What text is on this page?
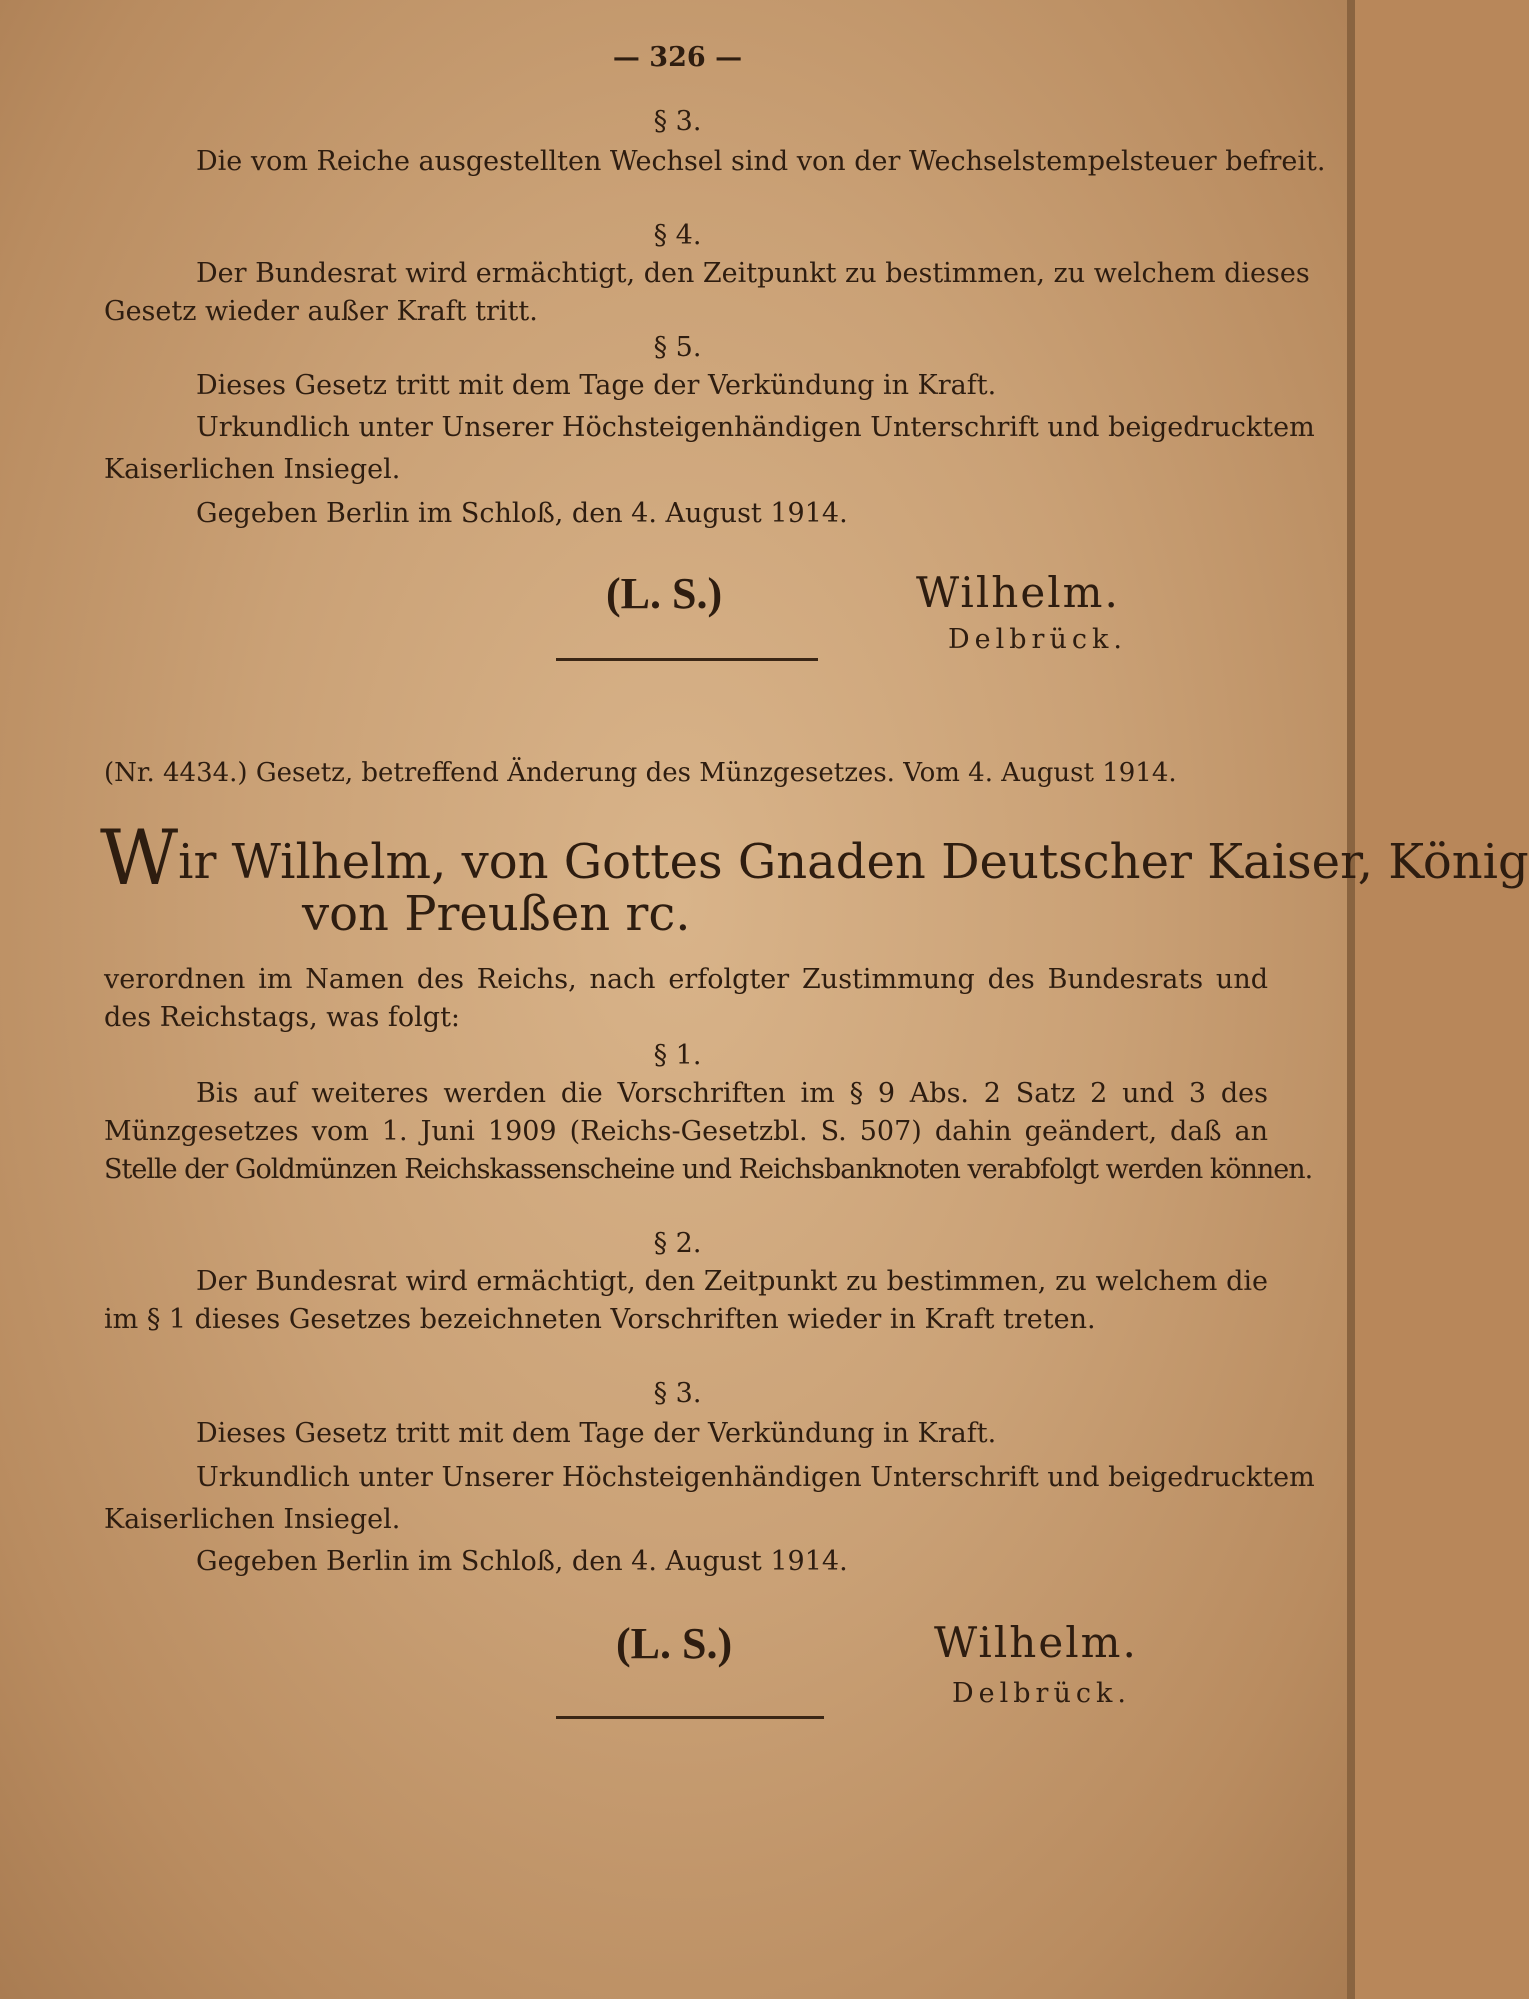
— 326 —
§ 3.
Die vom Reiche ausgestellten Wechsel sind von der Wechselstempelsteuer befreit.
§ 4.
Der Bundesrat wird ermächtigt, den Zeitpunkt zu bestimmen, zu welchem dieses
Gesetz wieder außer Kraft tritt.
§ 5.
Dieses Gesetz tritt mit dem Tage der Verkündung in Kraft.
Urkundlich unter Unserer Höchsteigenhändigen Unterschrift und beigedrucktem
Kaiserlichen Insiegel.
Gegeben Berlin im Schloß, den 4. August 1914.
(L. S.)	Wilhelm.
Delbrück.
(Nr. 4434.) Gesetz, betreffend Änderung des Münzgesetzes. Vom 4. August 1914.
Wir Wilhelm, von Gottes Gnaden Deutscher Kaiser, König
von Preußen rc.
verordnen im Namen des Reichs, nach erfolgter Zustimmung des Bundesrats und
des Reichstags, was folgt:
§ 1.
Bis auf weiteres werden die Vorschriften im § 9 Abs. 2 Satz 2 und 3 des
Münzgesetzes vom 1. Juni 1909 (Reichs-Gesetzbl. S. 507) dahin geändert, daß an
Stelle der Goldmünzen Reichskassenscheine und Reichsbanknoten verabfolgt werden können.
§ 2.
Der Bundesrat wird ermächtigt, den Zeitpunkt zu bestimmen, zu welchem die
im § 1 dieses Gesetzes bezeichneten Vorschriften wieder in Kraft treten.
§ 3.
Dieses Gesetz tritt mit dem Tage der Verkündung in Kraft.
Urkundlich unter Unserer Höchsteigenhändigen Unterschrift und beigedrucktem
Kaiserlichen Insiegel.
Gegeben Berlin im Schloß, den 4. August 1914.
(L. S.)	Wilhelm.
Delbrück.
